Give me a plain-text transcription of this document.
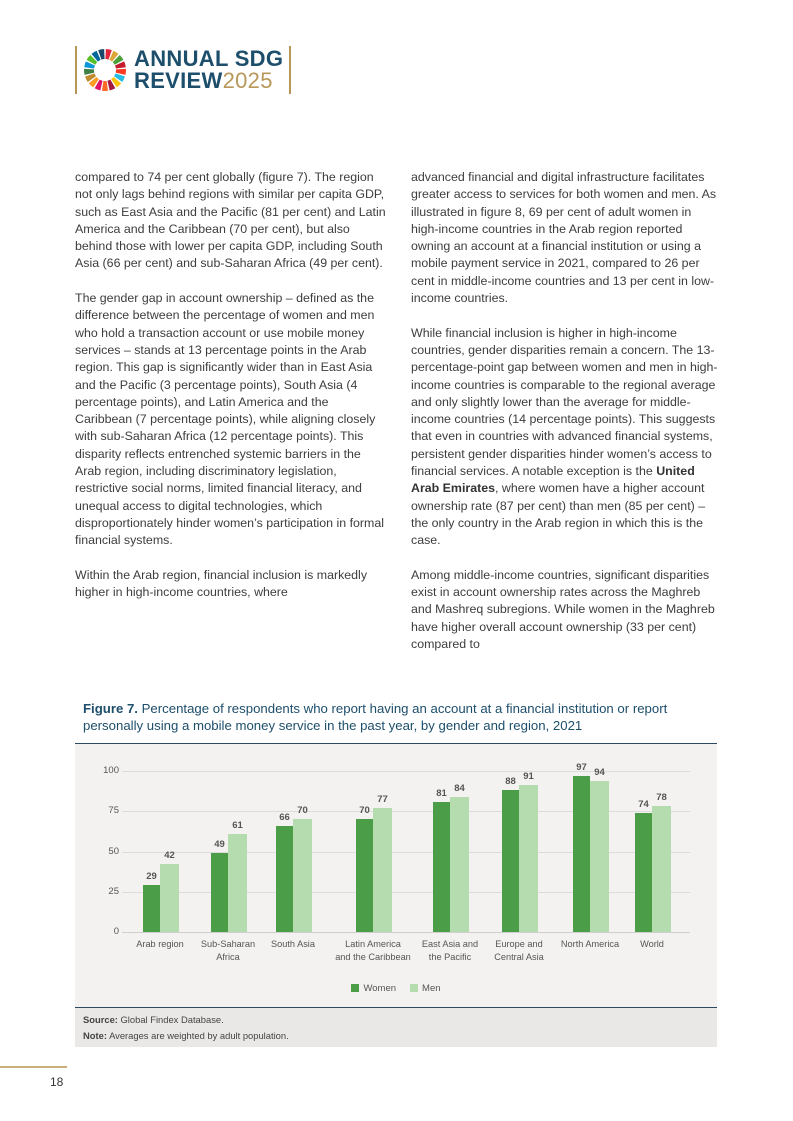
ANNUAL SDG
REVIEW2025

compared to 74 per cent globally (figure 7). The region not only lags behind regions with similar per capita GDP, such as East Asia and the Pacific (81 per cent) and Latin America and the Caribbean (70 per cent), but also behind those with lower per capita GDP, including South Asia (66 per cent) and sub-Saharan Africa (49 per cent).

The gender gap in account ownership – defined as the difference between the percentage of women and men who hold a transaction account or use mobile money services – stands at 13 percentage points in the Arab region. This gap is significantly wider than in East Asia and the Pacific (3 percentage points), South Asia (4 percentage points), and Latin America and the Caribbean (7 percentage points), while aligning closely with sub-Saharan Africa (12 percentage points). This disparity reflects entrenched systemic barriers in the Arab region, including discriminatory legislation, restrictive social norms, limited financial literacy, and unequal access to digital technologies, which disproportionately hinder women’s participation in formal financial systems.

Within the Arab region, financial inclusion is markedly higher in high-income countries, where

advanced financial and digital infrastructure facilitates greater access to services for both women and men. As illustrated in figure 8, 69 per cent of adult women in high-income countries in the Arab region reported owning an account at a financial institution or using a mobile payment service in 2021, compared to 26 per cent in middle-income countries and 13 per cent in low-income countries.

While financial inclusion is higher in high-income countries, gender disparities remain a concern. The 13-percentage-point gap between women and men in high-income countries is comparable to the regional average and only slightly lower than the average for middle-income countries (14 percentage points). This suggests that even in countries with advanced financial systems, persistent gender disparities hinder women’s access to financial services. A notable exception is the United Arab Emirates, where women have a higher account ownership rate (87 per cent) than men (85 per cent) – the only country in the Arab region in which this is the case.

Among middle-income countries, significant disparities exist in account ownership rates across the Maghreb and Mashreq subregions. While women in the Maghreb have higher overall account ownership (33 per cent) compared to

Figure 7. Percentage of respondents who report having an account at a financial institution or report personally using a mobile money service in the past year, by gender and region, 2021
0
25
50
75
100
29
42
Arab region
49
61
Sub-Saharan
Africa
66
70
South Asia
70
77
Latin America
and the Caribbean
81 84
East Asia and
the Pacific
88 91
Europe and
Central Asia
97 94
North America
74
78
World
Women	Men
Source: Global Findex Database.
Note: Averages are weighted by adult population.
18
